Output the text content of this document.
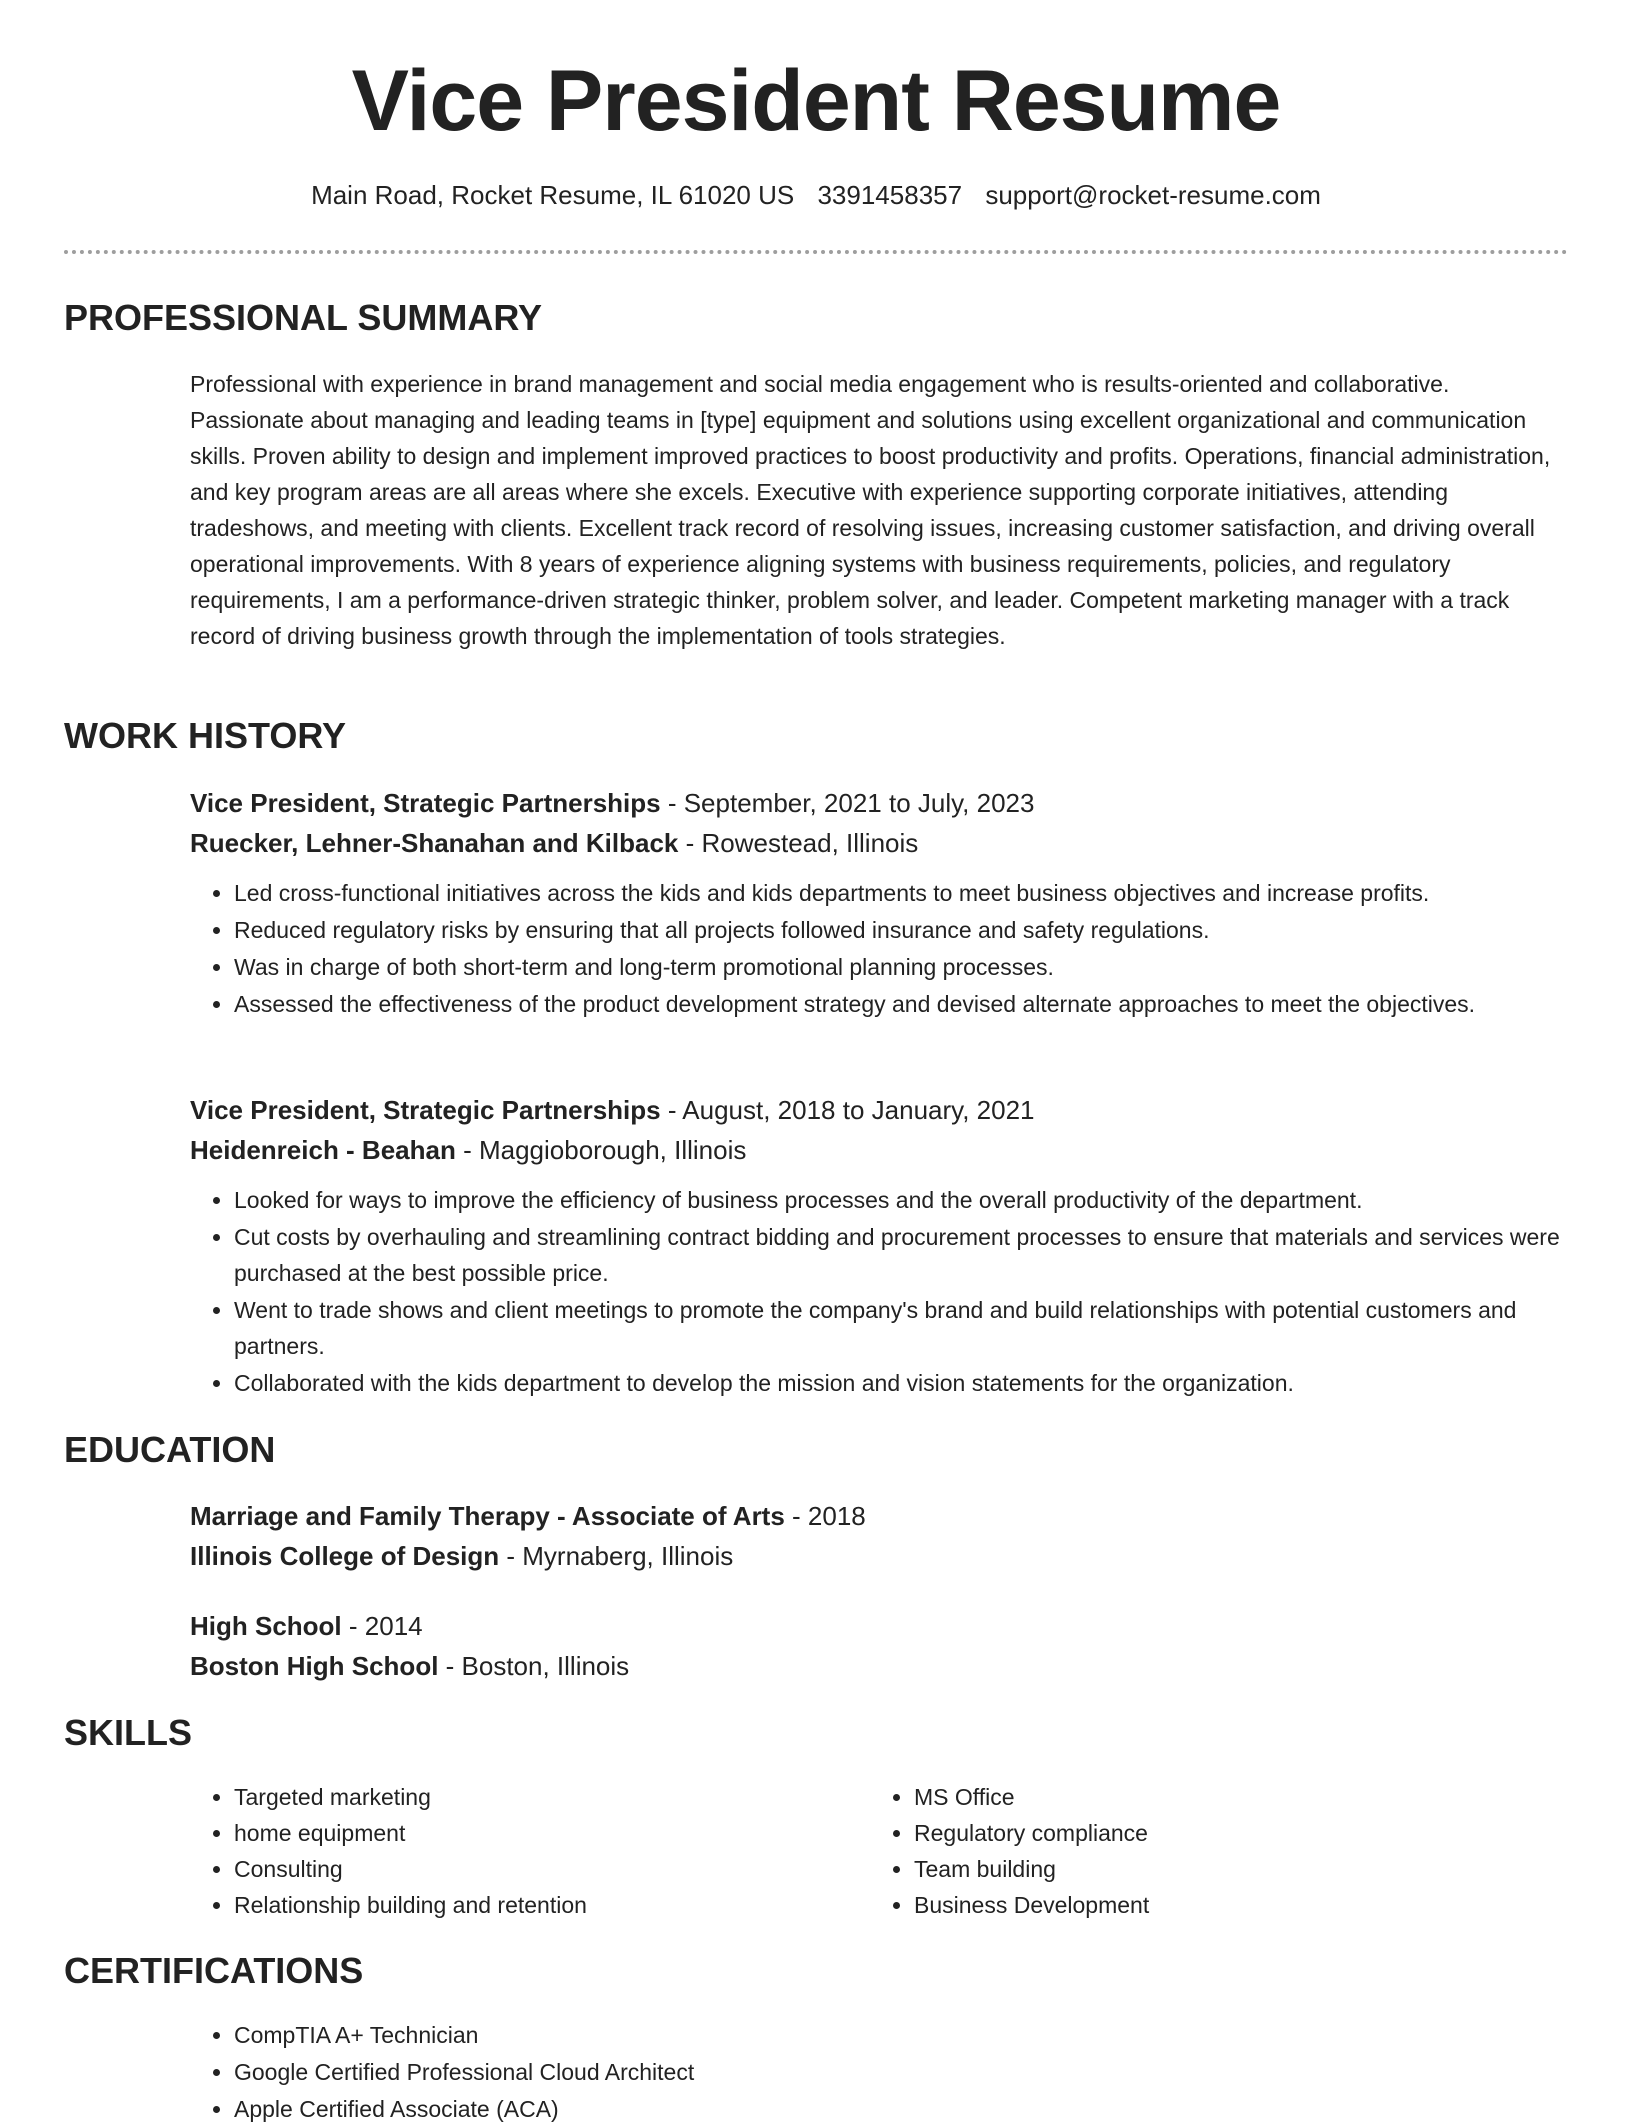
Vice President Resume
Main Road, Rocket Resume, IL 61020 US 3391458357 support@rocket-resume.com
PROFESSIONAL SUMMARY
Professional with experience in brand management and social media engagement who is results-oriented and collaborative. Passionate about managing and leading teams in [type] equipment and solutions using excellent organizational and communication skills. Proven ability to design and implement improved practices to boost productivity and profits. Operations, financial administration, and key program areas are all areas where she excels. Executive with experience supporting corporate initiatives, attending tradeshows, and meeting with clients. Excellent track record of resolving issues, increasing customer satisfaction, and driving overall operational improvements. With 8 years of experience aligning systems with business requirements, policies, and regulatory requirements, I am a performance-driven strategic thinker, problem solver, and leader. Competent marketing manager with a track record of driving business growth through the implementation of tools strategies.
WORK HISTORY
Vice President, Strategic Partnerships - September, 2021 to July, 2023
Ruecker, Lehner-Shanahan and Kilback - Rowestead, Illinois
• Led cross-functional initiatives across the kids and kids departments to meet business objectives and increase profits.
• Reduced regulatory risks by ensuring that all projects followed insurance and safety regulations.
• Was in charge of both short-term and long-term promotional planning processes.
• Assessed the effectiveness of the product development strategy and devised alternate approaches to meet the objectives.
Vice President, Strategic Partnerships - August, 2018 to January, 2021
Heidenreich - Beahan - Maggioborough, Illinois
• Looked for ways to improve the efficiency of business processes and the overall productivity of the department.
• Cut costs by overhauling and streamlining contract bidding and procurement processes to ensure that materials and services were purchased at the best possible price.
• Went to trade shows and client meetings to promote the company's brand and build relationships with potential customers and partners.
• Collaborated with the kids department to develop the mission and vision statements for the organization.
EDUCATION
Marriage and Family Therapy - Associate of Arts - 2018
Illinois College of Design - Myrnaberg, Illinois
High School - 2014
Boston High School - Boston, Illinois
SKILLS
• Targeted marketing
• home equipment
• Consulting
• Relationship building and retention
• MS Office
• Regulatory compliance
• Team building
• Business Development
CERTIFICATIONS
• CompTIA A+ Technician
• Google Certified Professional Cloud Architect
• Apple Certified Associate (ACA)
